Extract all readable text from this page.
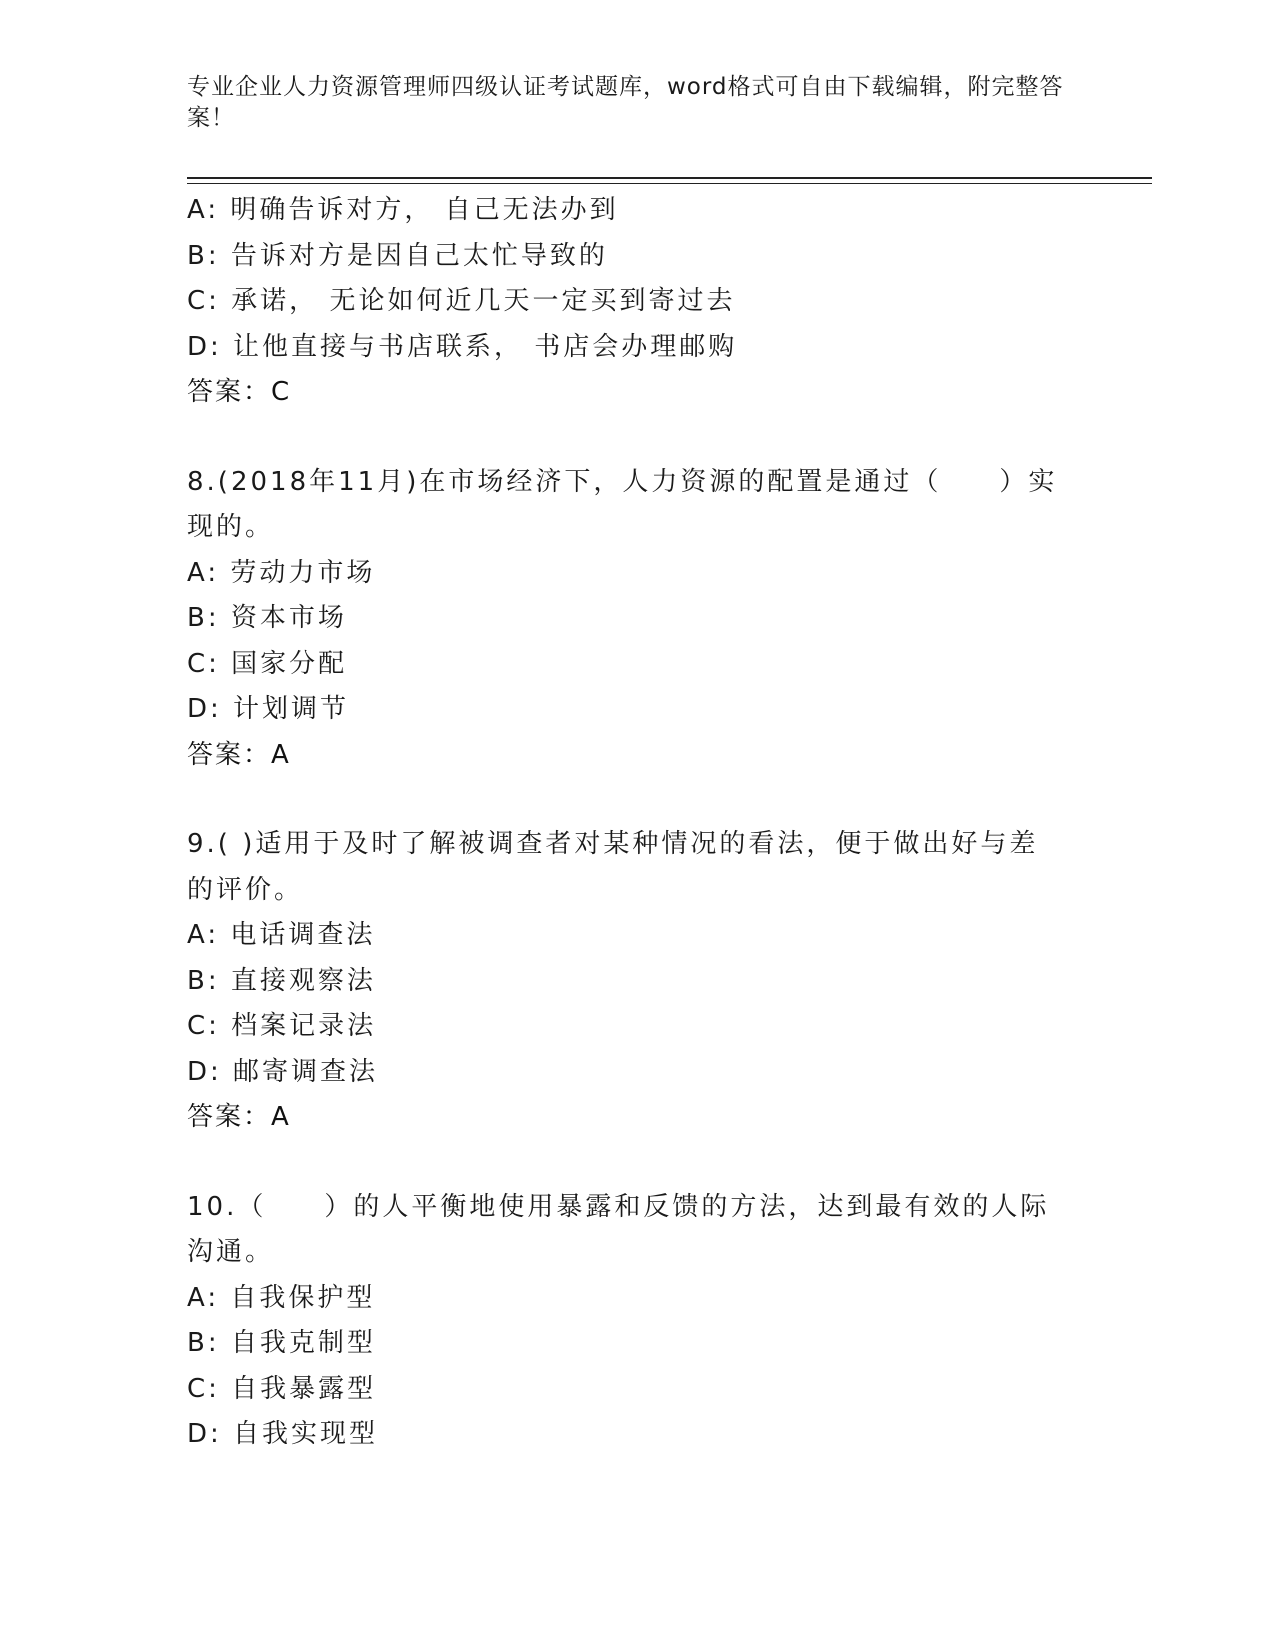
专业企业人力资源管理师四级认证考试题库，word格式可自由下载编辑，附完整答案！
A: 明确告诉对方， 自己无法办到
B: 告诉对方是因自己太忙导致的
C: 承诺， 无论如何近几天一定买到寄过去
D: 让他直接与书店联系， 书店会办理邮购
答案：C
8.(2018年11月)在市场经济下，人力资源的配置是通过（　　）实现的。
A: 劳动力市场
B: 资本市场
C: 国家分配
D: 计划调节
答案：A
9.( )适用于及时了解被调查者对某种情况的看法，便于做出好与差的评价。
A: 电话调查法
B: 直接观察法
C: 档案记录法
D: 邮寄调查法
答案：A
10.（　　）的人平衡地使用暴露和反馈的方法，达到最有效的人际沟通。
A: 自我保护型
B: 自我克制型
C: 自我暴露型
D: 自我实现型
